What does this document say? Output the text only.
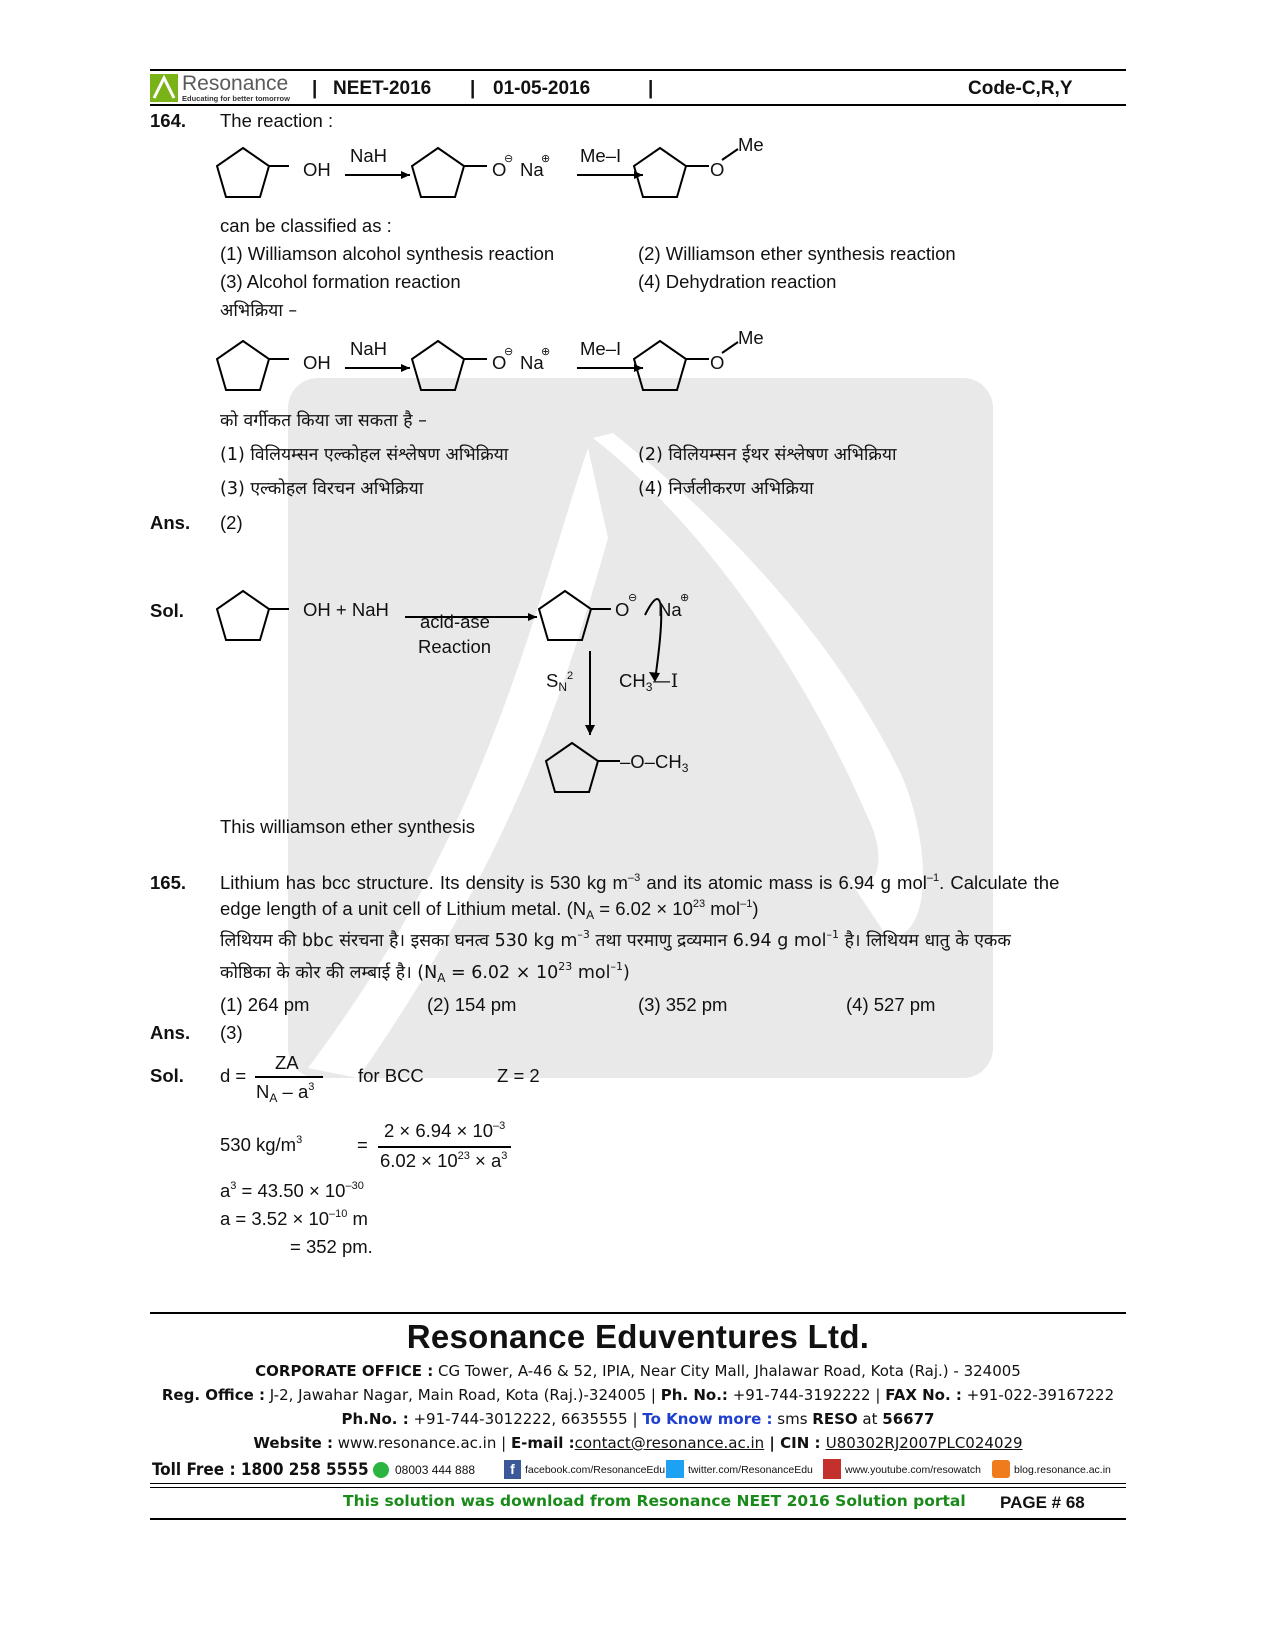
Resonance
Educating for better tomorrow | NEET-2016 | 01-05-2016	|	Code-C,R,Y
164. The reaction :
OH
NaH
O
⊖ Na
⊕ Me–I
O
Me
can be classified as :
(1) Williamson alcohol synthesis reaction	(2) Williamson ether synthesis reaction
(3) Alcohol formation reaction	(4) Dehydration reaction
अभिक्रिया –
OH
NaH
O
⊖ Na
⊕ Me–I
O
Me
को वर्गीकत किया जा सकता है –
(1) विलियम्सन एल्कोहल संश्लेषण अभिक्रिया	(2) विलियम्सन ईथर संश्लेषण अभिक्रिया
(3) एल्कोहल विरचन अभिक्रिया	(4) निर्जलीकरण अभिक्रिया
Ans. (2)
Sol.	OH + NaH
acid-ase
Reaction
O
⊖
Na
⊕
$S_N^2$ $CH_3—I$
$-O-CH_3$
This williamson ether synthesis
165. Lithium has bcc structure. Its density is 530 kg $m^{-3}$ and its atomic mass is 6.94 g mol$^{-1}$. Calculate the
edge length of a unit cell of Lithium metal. ($N_A = 6.02 \times 10^{23}$ mol$^{-1}$)
लिथियम की bbc संरचना है। इसका घनत्व 530 kg $m^{-3}$ तथा परमाणु द्रव्यमान 6.94 g mol$^{-1}$ है। लिथियम धातु के एकक
कोष्ठिका के कोर की लम्बाई है। ($N_A = 6.02 \times 10^{23}$ mol$^{-1}$)
(1) 264 pm	(2) 154 pm	(3) 352 pm	(4) 527 pm
Ans. (3)
Sol. d =
ZA
$N_A - a^3$
for BCC	Z = 2
530 $kg/m^3$	=
$2 \times 6.94 \times 10^{-3}$
$6.02 \times 10^{23} \times a^3$
$a^3 = 43.50 \times 10^{-30}$
$a = 3.52 \times 10^{-10}$ m
= 352 pm.
Resonance Eduventures Ltd.
CORPORATE OFFICE : CG Tower, A-46 & 52, IPIA, Near City Mall, Jhalawar Road, Kota (Raj.) - 324005
Reg. Office : J-2, Jawahar Nagar, Main Road, Kota (Raj.)-324005 | Ph. No.: +91-744-3192222 | FAX No. : +91-022-39167222
Ph.No. : +91-744-3012222, 6635555 | To Know more : sms RESO at 56677
Website : www.resonance.ac.in | E-mail :contact@resonance.ac.in | CIN : U80302RJ2007PLC024029
Toll Free : 1800 258 5555 08003 444 888	f facebook.com/ResonanceEdu twitter.com/ResonanceEdu	www.youtube.com/resowatch	blog.resonance.ac.in
This solution was download from Resonance NEET 2016 Solution portal PAGE # 68
